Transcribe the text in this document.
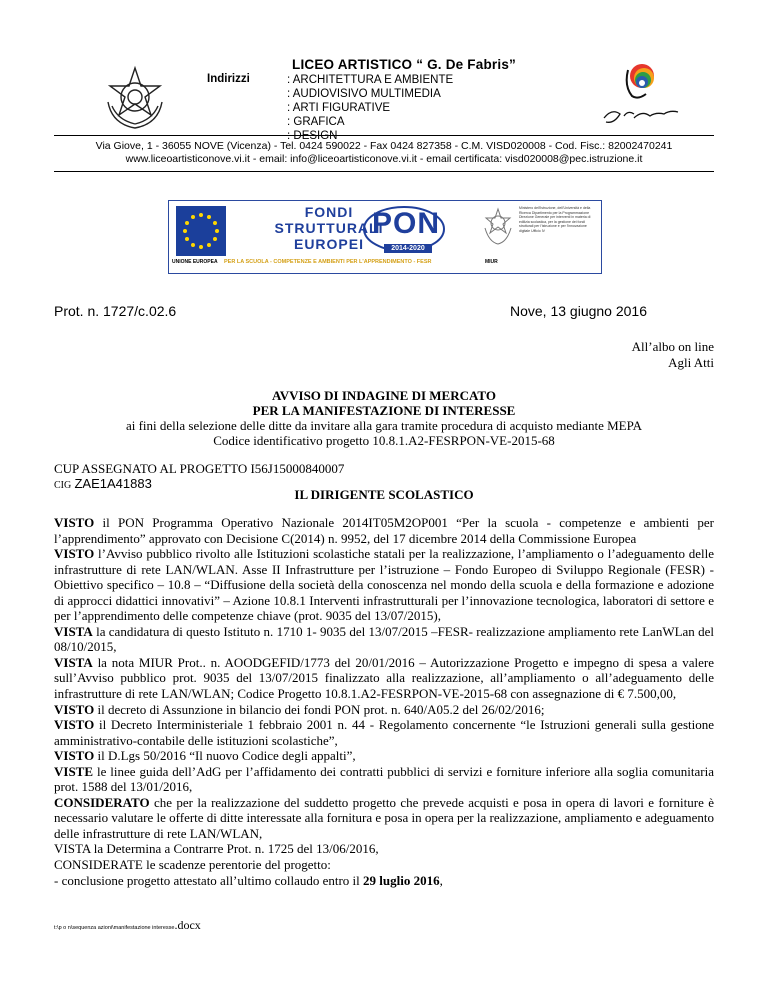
LICEO ARTISTICO “ G. De Fabris”
Indirizzi	: ARCHITETTURA E AMBIENTE
: AUDIOVISIVO MULTIMEDIA
: ARTI FIGURATIVE
: GRAFICA
: DESIGN
Via Giove, 1 - 36055 NOVE (Vicenza) - Tel. 0424 590022 - Fax 0424 827358 - C.M. VISD020008 - Cod. Fisc.: 82002470241
www.liceoartisticonove.vi.it - email: info@liceoartisticonove.vi.it - email certificata: visd020008@pec.istruzione.it
UNIONE EUROPEA
FONDI
STRUTTURALI
EUROPEI
PON
2014-2020
Ministero dell'Istruzione, dell'Università e della Ricerca Dipartimento per la Programmazione Direzione Generale per interventi in materia di edilizia scolastica, per la gestione dei fondi strutturali per l'istruzione e per l'innovazione digitale Ufficio IV
MIUR
PER LA SCUOLA - COMPETENZE E AMBIENTI PER L'APPRENDIMENTO - FESR
Prot. n. 1727/c.02.6	Nove, 13 giugno 2016
All’albo on line
Agli Atti
AVVISO DI INDAGINE DI MERCATO
PER LA MANIFESTAZIONE DI INTERESSE
ai fini della selezione delle ditte da invitare alla gara tramite procedura di acquisto mediante MEPA
Codice identificativo progetto 10.8.1.A2-FESRPON-VE-2015-68
CUP ASSEGNATO AL PROGETTO I56J15000840007
CIG ZAE1A41883
IL DIRIGENTE SCOLASTICO

VISTO il PON Programma Operativo Nazionale 2014IT05M2OP001 “Per la scuola - competenze e ambienti per l’apprendimento” approvato con Decisione C(2014) n. 9952, del 17 dicembre 2014 della Commissione Europea

VISTO l’Avviso pubblico rivolto alle Istituzioni scolastiche statali per la realizzazione, l’ampliamento o l’adeguamento delle infrastrutture di rete LAN/WLAN. Asse II Infrastrutture per l’istruzione – Fondo Europeo di Sviluppo Regionale (FESR) - Obiettivo specifico – 10.8 – “Diffusione della società della conoscenza nel mondo della scuola e della formazione e adozione di approcci didattici innovativi” – Azione 10.8.1 Interventi infrastrutturali per l’innovazione tecnologica, laboratori di settore e per l’apprendimento delle competenze chiave (prot. 9035 del 13/07/2015),

VISTA la candidatura di questo Istituto n. 1710 1- 9035 del 13/07/2015 –FESR- realizzazione ampliamento rete LanWLan del 08/10/2015,

VISTA la nota MIUR Prot.. n. AOODGEFID/1773 del 20/01/2016 – Autorizzazione Progetto e impegno di spesa a valere sull’Avviso pubblico prot. 9035 del 13/07/2015 finalizzato alla realizzazione, all’ampliamento o all’adeguamento delle infrastrutture di rete LAN/WLAN; Codice Progetto 10.8.1.A2-FESRPON-VE-2015-68 con assegnazione di € 7.500,00,

VISTO il decreto di Assunzione in bilancio dei fondi PON prot. n. 640/A05.2 del 26/02/2016;

VISTO il Decreto Interministeriale 1 febbraio 2001 n. 44 - Regolamento concernente “le Istruzioni generali sulla gestione amministrativo-contabile delle istituzioni scolastiche”,

VISTO il D.Lgs 50/2016 “Il nuovo Codice degli appalti”,

VISTE le linee guida dell’AdG per l’affidamento dei contratti pubblici di servizi e forniture inferiore alla soglia comunitaria prot. 1588 del 13/01/2016,

CONSIDERATO che per la realizzazione del suddetto progetto che prevede acquisti e posa in opera di lavori e forniture è necessario valutare le offerte di ditte interessate alla fornitura e posa in opera per la realizzazione, ampliamento e adeguamento delle infrastrutture di rete LAN/WLAN,

VISTA la Determina a Contrarre Prot. n. 1725 del 13/06/2016,

CONSIDERATE le scadenze perentorie del progetto:

- conclusione progetto attestato all’ultimo collaudo entro il 29 luglio 2016,

t:\p o n\sequenza azioni\manifestazione interesse.docx
